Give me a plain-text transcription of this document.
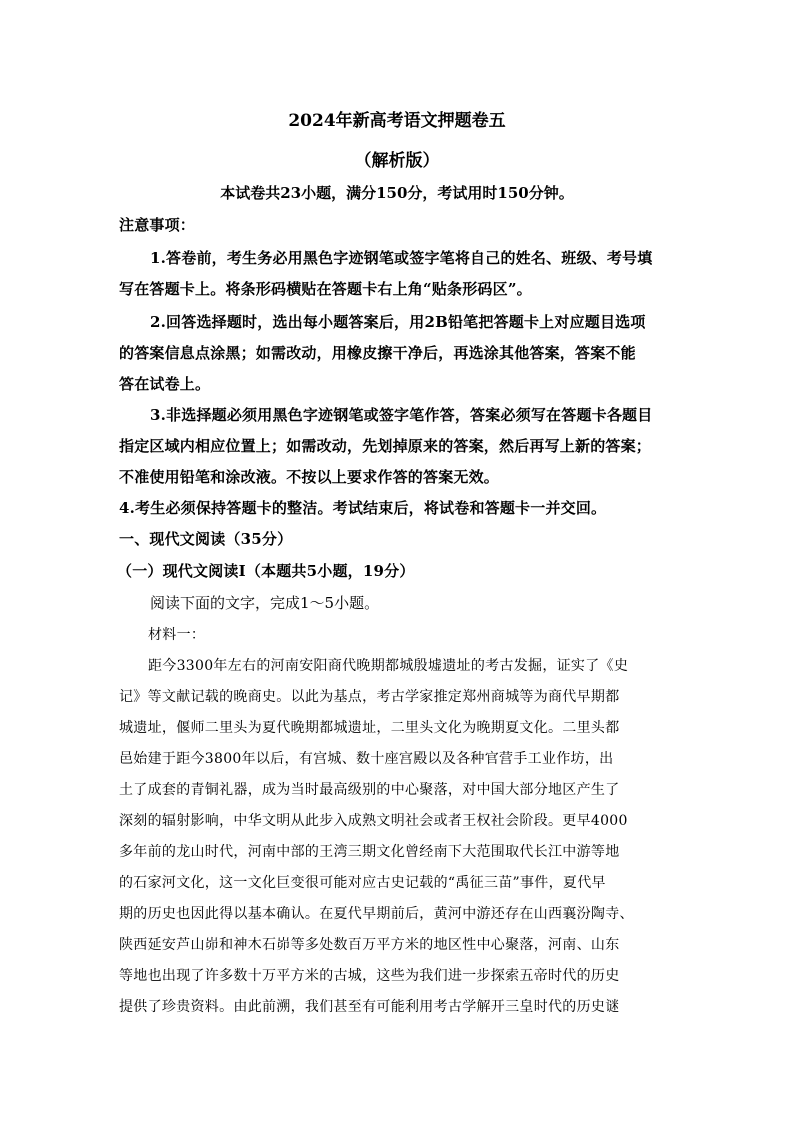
2024年新高考语文押题卷五
（解析版）
本试卷共23小题，满分150分，考试用时150分钟。
注意事项：
1.答卷前，考生务必用黑色字迹钢笔或签字笔将自己的姓名、班级、考号填
写在答题卡上。将条形码横贴在答题卡右上角“贴条形码区”。
2.回答选择题时，选出每小题答案后，用2B铅笔把答题卡上对应题目选项
的答案信息点涂黑；如需改动，用橡皮擦干净后，再选涂其他答案，答案不能
答在试卷上。
3.非选择题必须用黑色字迹钢笔或签字笔作答，答案必须写在答题卡各题目
指定区域内相应位置上；如需改动，先划掉原来的答案，然后再写上新的答案；
不准使用铅笔和涂改液。不按以上要求作答的答案无效。
4.考生必须保持答题卡的整洁。考试结束后，将试卷和答题卡一并交回。
一、现代文阅读（35分）
（一）现代文阅读Ⅰ（本题共5小题，19分）
阅读下面的文字，完成1～5小题。
材料一：
距今3300年左右的河南安阳商代晚期都城殷墟遗址的考古发掘，证实了《史
记》等文献记载的晚商史。以此为基点，考古学家推定郑州商城等为商代早期都
城遗址，偃师二里头为夏代晚期都城遗址，二里头文化为晚期夏文化。二里头都
邑始建于距今3800年以后，有宫城、数十座宫殿以及各种官营手工业作坊，出
土了成套的青铜礼器，成为当时最高级别的中心聚落，对中国大部分地区产生了
深刻的辐射影响，中华文明从此步入成熟文明社会或者王权社会阶段。更早4000
多年前的龙山时代，河南中部的王湾三期文化曾经南下大范围取代长江中游等地
的石家河文化，这一文化巨变很可能对应古史记载的“禹征三苗”事件，夏代早
期的历史也因此得以基本确认。在夏代早期前后，黄河中游还存在山西襄汾陶寺、
陕西延安芦山峁和神木石峁等多处数百万平方米的地区性中心聚落，河南、山东
等地也出现了许多数十万平方米的古城，这些为我们进一步探索五帝时代的历史
提供了珍贵资料。由此前溯，我们甚至有可能利用考古学解开三皇时代的历史谜
